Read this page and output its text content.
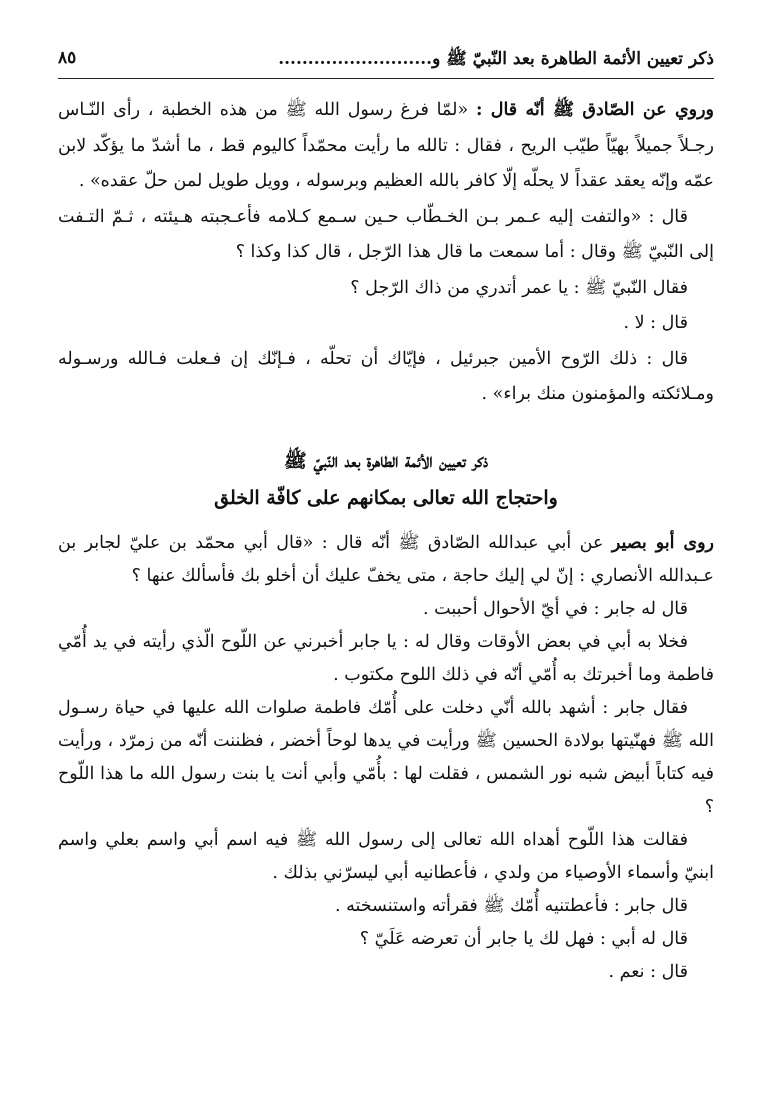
ذكر تعيين الأئمة الطاهرة بعد النّبيّ ﷺ و..........................
٨٥

وروي عن الصّادق ﷺ أنّه قال : «لمّا فرغ رسول الله ﷺ من هذه الخطبة ، رأى النّـاس رجـلاً جميلاً بهيّاً طيّب الريح ، فقال : تالله ما رأيت محمّداً كاليوم قط ، ما أشدّ ما يؤكّد لابن عمّه وإنّه يعقد عقداً لا يحلّه إلّا كافر بالله العظيم وبرسوله ، وويل طويل لمن حلّ عقده» .

قال : «والتفت إليه عـمر بـن الخـطّاب حـين سـمع كـلامه فأعـجبته هـيئته ، ثـمّ التـفت إلى النّبيّ ﷺ وقال : أما سمعت ما قال هذا الرّجل ، قال كذا وكذا ؟

فقال النّبيّ ﷺ : يا عمر أتدري من ذاك الرّجل ؟

قال : لا .

قال : ذلك الرّوح الأمين جبرئيل ، فإيّاك أن تحلّه ، فـإنّك إن فـعلت فـالله ورسـوله ومـلائكته والمؤمنون منك براء» .

ذكر تعيين الأئمة الطاهرة بعد النّبيّ ﷺ
واحتجاج الله تعالى بمكانهم على كافّة الخلق

روى أبو بصير عن أبي عبدالله الصّادق ﷺ أنّه قال : «قال أبي محمّد بن عليّ لجابر بن عـبدالله الأنصاري : إنّ لي إليك حاجة ، متى يخفّ عليك أن أخلو بك فأسألك عنها ؟

قال له جابر : في أيّ الأحوال أحببت .

فخلا به أبي في بعض الأوقات وقال له : يا جابر أخبرني عن اللّوح الّذي رأيته في يد أُمّي فاطمة وما أخبرتك به أُمّي أنّه في ذلك اللوح مكتوب .

فقال جابر : أشهد بالله أنّي دخلت على أُمّك فاطمة صلوات الله عليها في حياة رسـول الله ﷺ فهنّيتها بولادة الحسين ﷺ ورأيت في يدها لوحاً أخضر ، فظننت أنّه من زمرّد ، ورأيت فيه كتاباً أبيض شبه نور الشمس ، فقلت لها : بأُمّي وأبي أنت يا بنت رسول الله ما هذا اللّوح ؟

فقالت هذا اللّوح أهداه الله تعالى إلى رسول الله ﷺ فيه اسم أبي واسم بعلي واسم ابنيّ وأسماء الأوصياء من ولدي ، فأعطانيه أبي ليسرّني بذلك .

قال جابر : فأعطتنيه أُمّك ﷺ فقرأته واستنسخته .

قال له أبي : فهل لك يا جابر أن تعرضه عَلَيّ ؟

قال : نعم .
